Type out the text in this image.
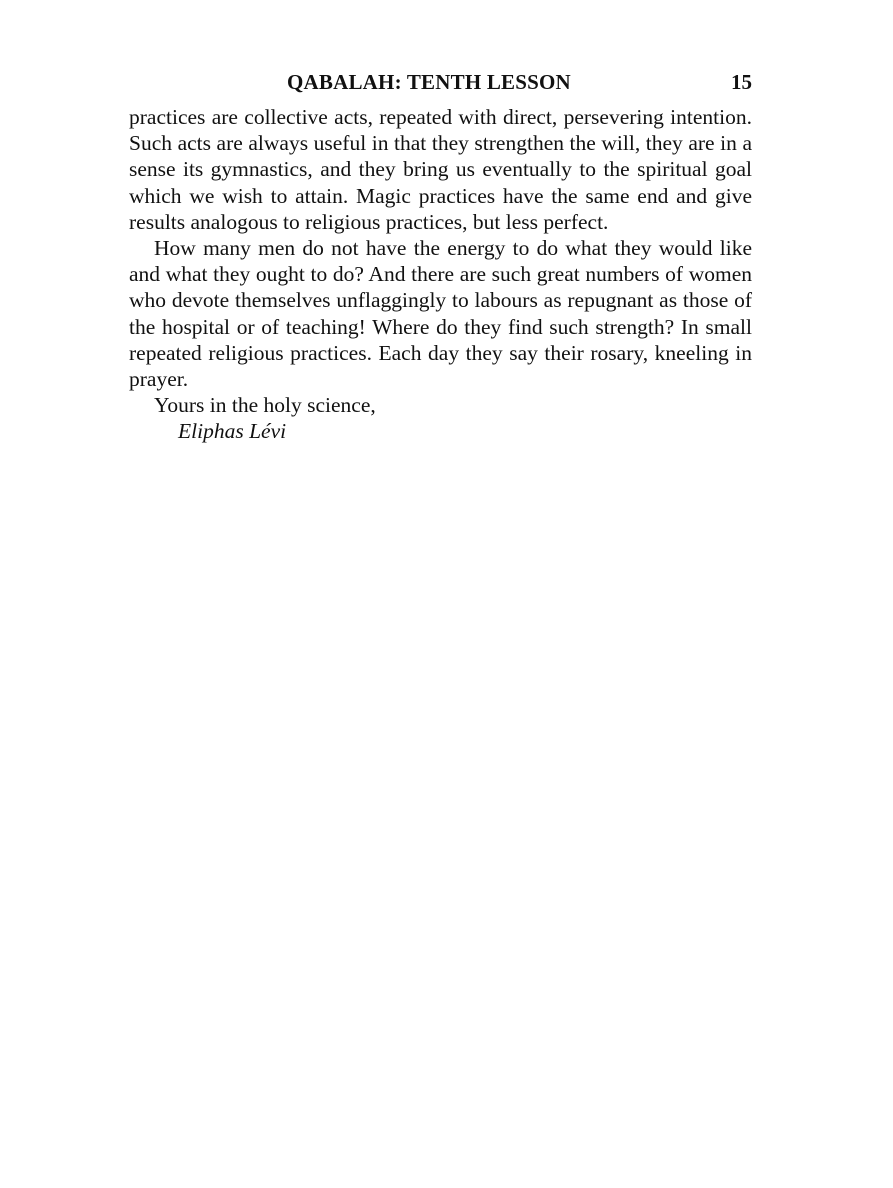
QABALAH: TENTH LESSON	15

practices are collective acts, repeated with direct, persevering intention. Such acts are always useful in that they strengthen the will, they are in a sense its gymnastics, and they bring us eventually to the spiritual goal which we wish to attain. Magic practices have the same end and give results analogous to religious practices, but less perfect.

How many men do not have the energy to do what they would like and what they ought to do? And there are such great numbers of women who devote themselves unflaggingly to labours as repugnant as those of the hospital or of teaching! Where do they find such strength? In small repeated religious practices. Each day they say their rosary, kneeling in prayer.

Yours in the holy science,

Eliphas Lévi
